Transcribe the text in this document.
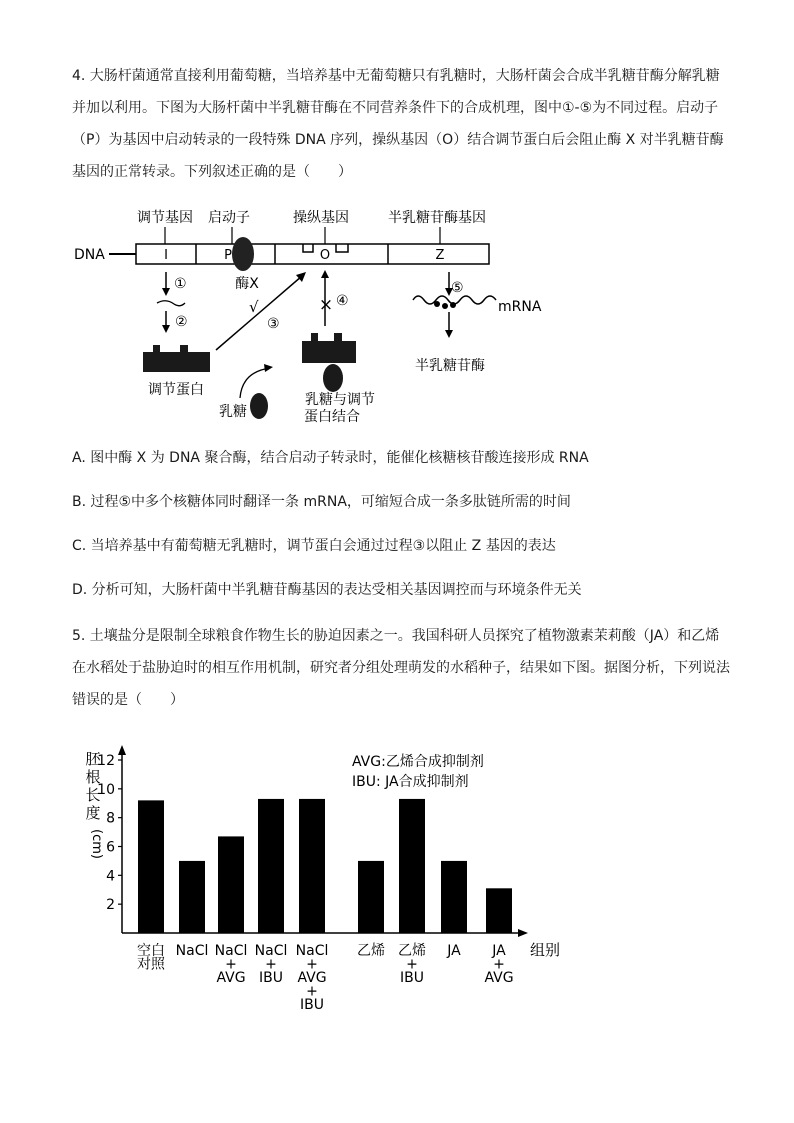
4. 大肠杆菌通常直接利用葡萄糖，当培养基中无葡萄糖只有乳糖时，大肠杆菌会合成半乳糖苷酶分解乳糖并加以利用。下图为大肠杆菌中半乳糖苷酶在不同营养条件下的合成机理，图中①-⑤为不同过程。启动子（P）为基因中启动转录的一段特殊 DNA 序列，操纵基因（O）结合调节蛋白后会阻止酶 X 对半乳糖苷酶基因的正常转录。下列叙述正确的是（　　）
调节基因 启动子	操纵基因	半乳糖苷酶基因
DNA	I	P	O	Z
酶X
①
②
调节蛋白
√
③
乳糖
× ④
乳糖与调节
蛋白结合
⑤
mRNA
半乳糖苷酶
A. 图中酶 X 为 DNA 聚合酶，结合启动子转录时，能催化核糖核苷酸连接形成 RNA
B. 过程⑤中多个核糖体同时翻译一条 mRNA，可缩短合成一条多肽链所需的时间
C. 当培养基中有葡萄糖无乳糖时，调节蛋白会通过过程③以阻止 Z 基因的表达
D. 分析可知，大肠杆菌中半乳糖苷酶基因的表达受相关基因调控而与环境条件无关
5. 土壤盐分是限制全球粮食作物生长的胁迫因素之一。我国科研人员探究了植物激素茉莉酸（JA）和乙烯在水稻处于盐胁迫时的相互作用机制，研究者分组处理萌发的水稻种子，结果如下图。据图分析，下列说法错误的是（　　）
2
4
6
8
10
12
胚
根
长
度
(cm)
空白
对照
NaCl NaCl
+
AVG
NaCl
+
IBU
NaCl
+
AVG
+
IBU
乙烯 乙烯
+
IBU
JA JA
+
AVG
组别
AVG:乙烯合成抑制剂
IBU: JA合成抑制剂
